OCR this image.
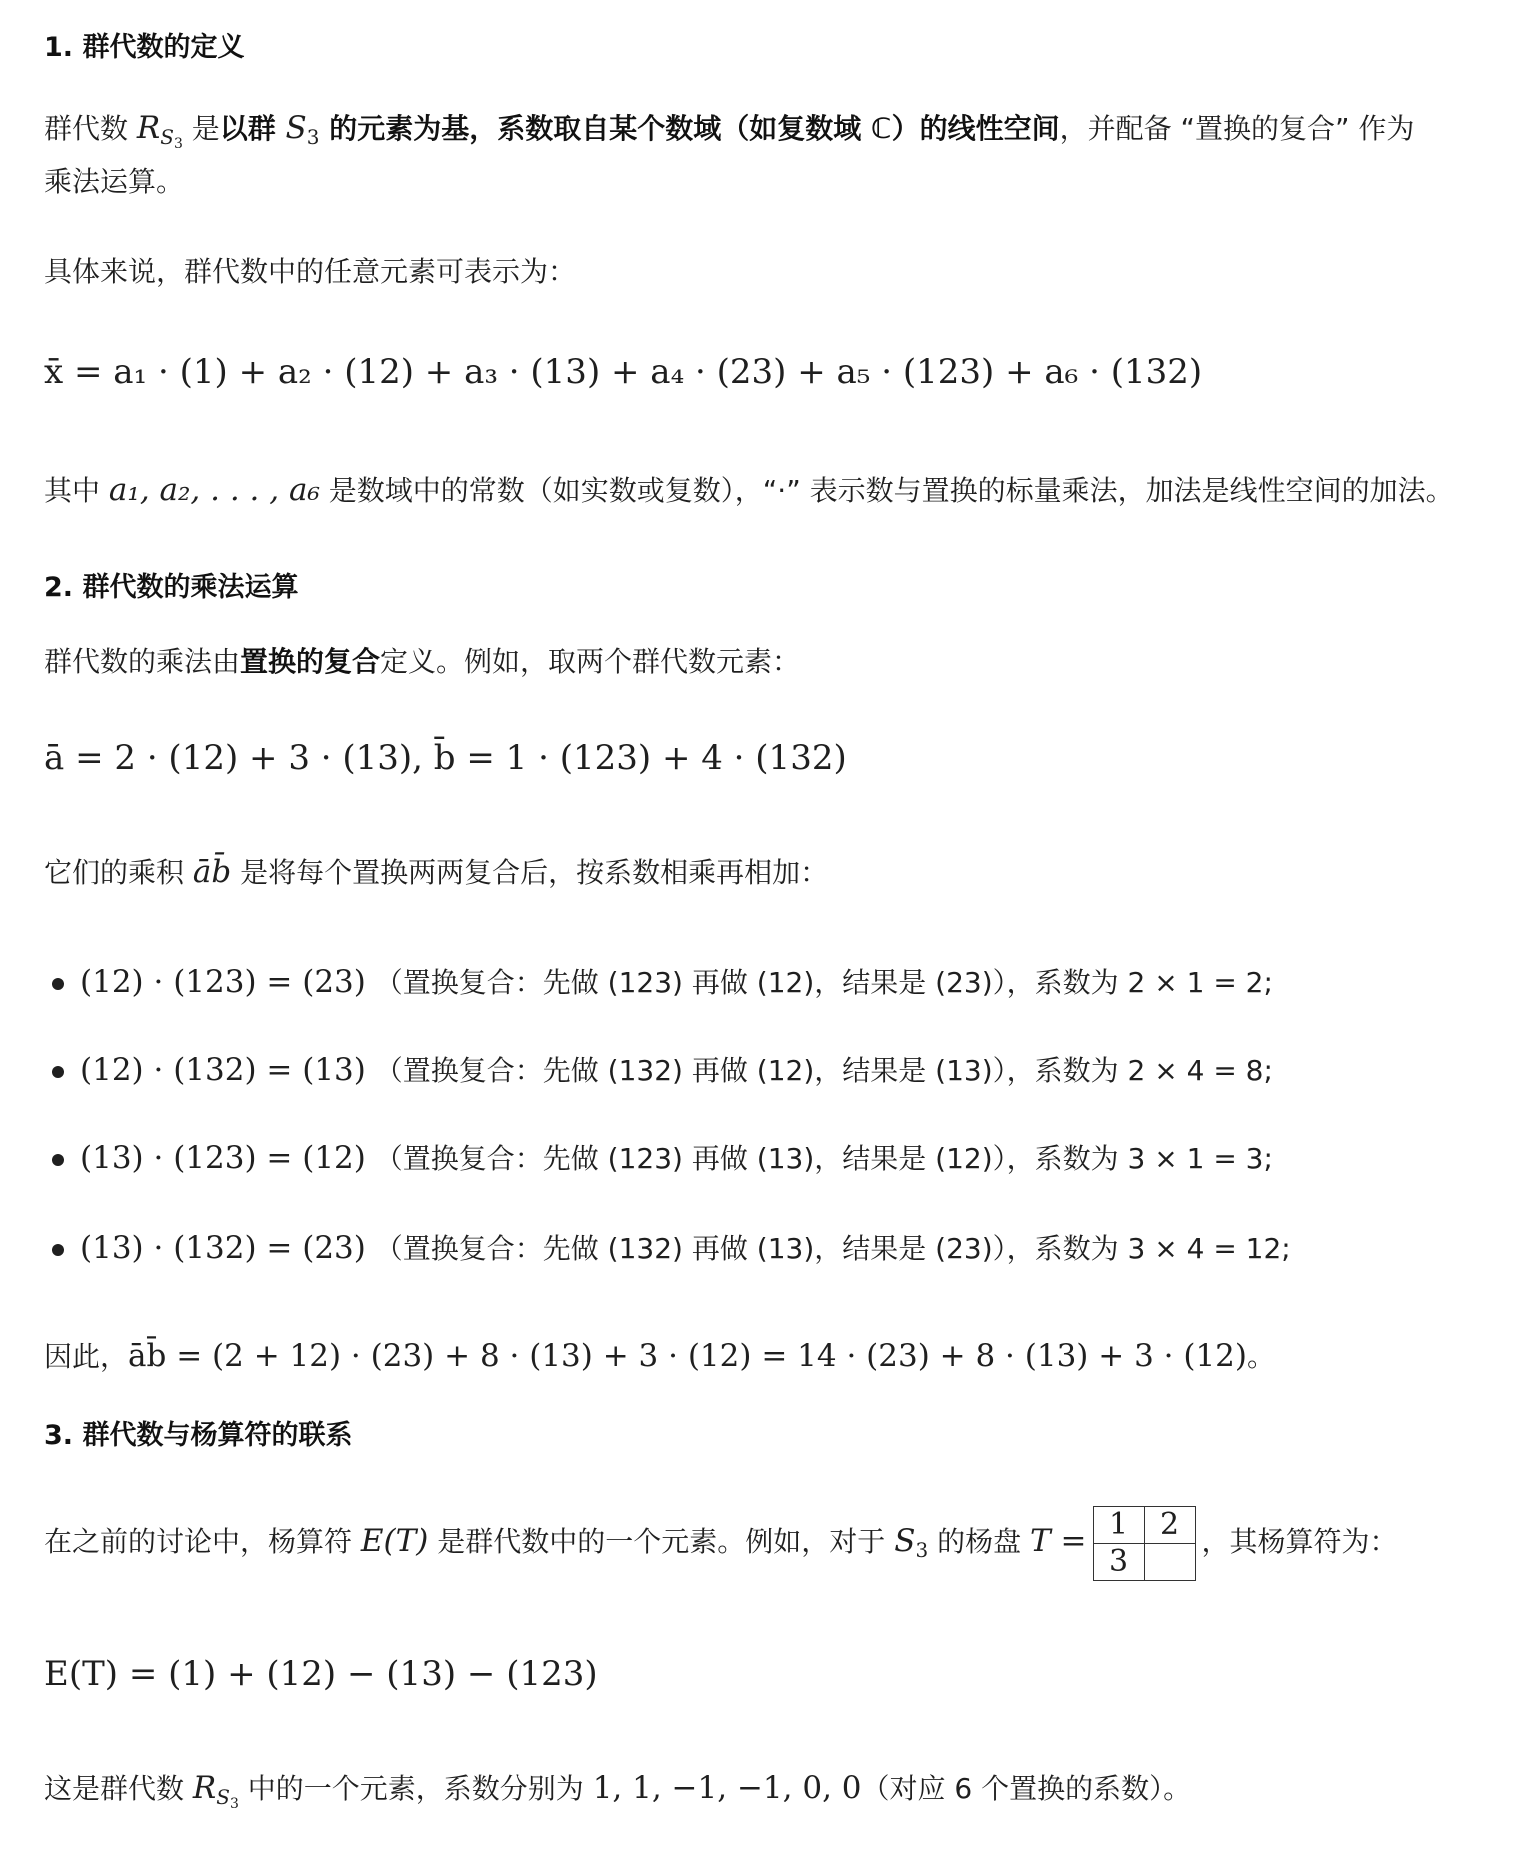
1. 群代数的定义
群代数 $R_{S_3}$ 是以群 $S_3$ 的元素为基，系数取自某个数域（如复数域 ℂ）的线性空间，并配备 “置换的复合” 作为
乘法运算。
具体来说，群代数中的任意元素可表示为：
x̄ = a₁ · (1) + a₂ · (12) + a₃ · (13) + a₄ · (23) + a₅ · (123) + a₆ · (132)
其中 a₁, a₂, . . . , a₆ 是数域中的常数（如实数或复数），“·” 表示数与置换的标量乘法，加法是线性空间的加法。
2. 群代数的乘法运算
群代数的乘法由置换的复合定义。例如，取两个群代数元素：
ā = 2 · (12) + 3 · (13), b̄ = 1 · (123) + 4 · (132)
它们的乘积 āb̄ 是将每个置换两两复合后，按系数相乘再相加：
(12) · (123) = (23) （置换复合：先做 (123) 再做 (12)，结果是 (23)），系数为 2 × 1 = 2;
(12) · (132) = (13) （置换复合：先做 (132) 再做 (12)，结果是 (13)），系数为 2 × 4 = 8;
(13) · (123) = (12) （置换复合：先做 (123) 再做 (13)，结果是 (12)），系数为 3 × 1 = 3;
(13) · (132) = (23) （置换复合：先做 (132) 再做 (13)，结果是 (23)），系数为 3 × 4 = 12;
因此，āb̄ = (2 + 12) · (23) + 8 · (13) + 3 · (12) = 14 · (23) + 8 · (13) + 3 · (12)。
3. 群代数与杨算符的联系
在之前的讨论中，杨算符 E(T) 是群代数中的一个元素。例如，对于 $S_3$ 的杨盘 T = 1	2
3	，其杨算符为：
E(T) = (1) + (12) − (13) − (123)
这是群代数 $R_{S_3}$ 中的一个元素，系数分别为 1, 1, −1, −1, 0, 0（对应 6 个置换的系数）。
